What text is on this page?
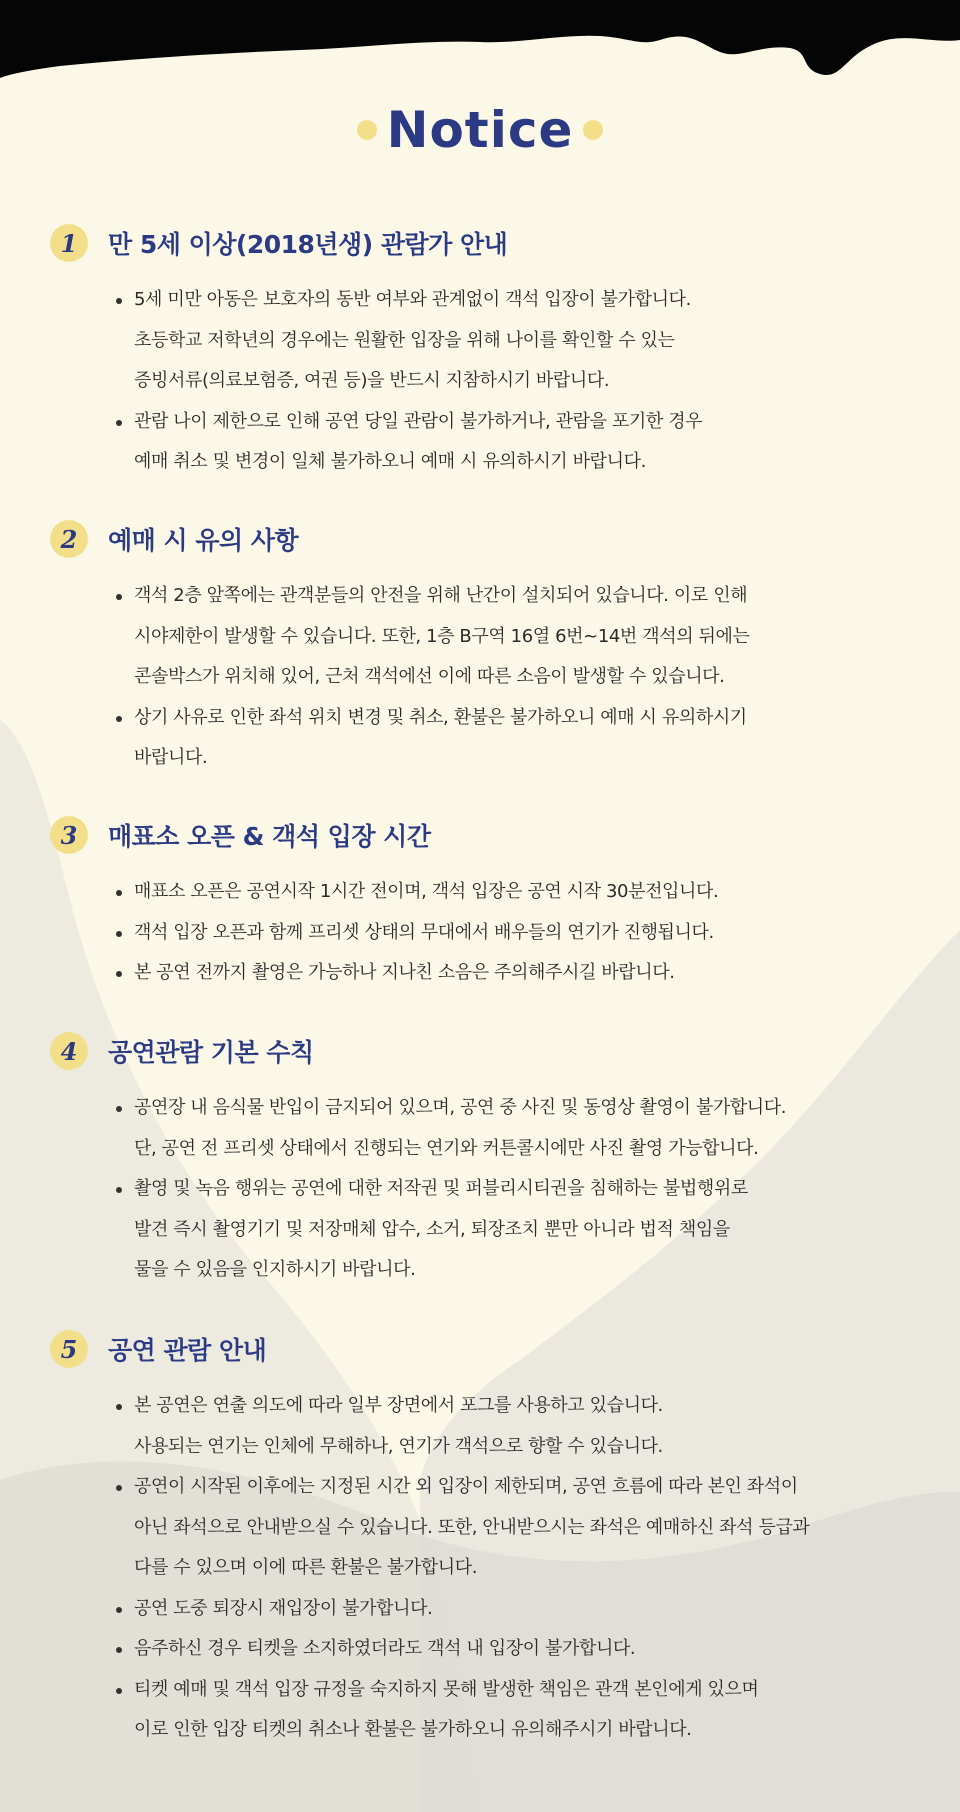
Notice
1	만 5세 이상(2018년생) 관람가 안내
5세 미만 아동은 보호자의 동반 여부와 관계없이 객석 입장이 불가합니다.
초등학교 저학년의 경우에는 원활한 입장을 위해 나이를 확인할 수 있는
증빙서류(의료보험증, 여권 등)을 반드시 지참하시기 바랍니다.
관람 나이 제한으로 인해 공연 당일 관람이 불가하거나, 관람을 포기한 경우
예매 취소 및 변경이 일체 불가하오니 예매 시 유의하시기 바랍니다.
2	예매 시 유의 사항
객석 2층 앞쪽에는 관객분들의 안전을 위해 난간이 설치되어 있습니다. 이로 인해
시야제한이 발생할 수 있습니다. 또한, 1층 B구역 16열 6번~14번 객석의 뒤에는
콘솔박스가 위치해 있어, 근처 객석에선 이에 따른 소음이 발생할 수 있습니다.
상기 사유로 인한 좌석 위치 변경 및 취소, 환불은 불가하오니 예매 시 유의하시기
바랍니다.
3	매표소 오픈 & 객석 입장 시간
매표소 오픈은 공연시작 1시간 전이며, 객석 입장은 공연 시작 30분전입니다.
객석 입장 오픈과 함께 프리셋 상태의 무대에서 배우들의 연기가 진행됩니다.
본 공연 전까지 촬영은 가능하나 지나친 소음은 주의해주시길 바랍니다.
4	공연관람 기본 수칙
공연장 내 음식물 반입이 금지되어 있으며, 공연 중 사진 및 동영상 촬영이 불가합니다.
단, 공연 전 프리셋 상태에서 진행되는 연기와 커튼콜시에만 사진 촬영 가능합니다.
촬영 및 녹음 행위는 공연에 대한 저작권 및 퍼블리시티권을 침해하는 불법행위로
발견 즉시 촬영기기 및 저장매체 압수, 소거, 퇴장조치 뿐만 아니라 법적 책임을
물을 수 있음을 인지하시기 바랍니다.
5	공연 관람 안내
본 공연은 연출 의도에 따라 일부 장면에서 포그를 사용하고 있습니다.
사용되는 연기는 인체에 무해하나, 연기가 객석으로 향할 수 있습니다.
공연이 시작된 이후에는 지정된 시간 외 입장이 제한되며, 공연 흐름에 따라 본인 좌석이
아닌 좌석으로 안내받으실 수 있습니다. 또한, 안내받으시는 좌석은 예매하신 좌석 등급과
다를 수 있으며 이에 따른 환불은 불가합니다.
공연 도중 퇴장시 재입장이 불가합니다.
음주하신 경우 티켓을 소지하였더라도 객석 내 입장이 불가합니다.
티켓 예매 및 객석 입장 규정을 숙지하지 못해 발생한 책임은 관객 본인에게 있으며
이로 인한 입장 티켓의 취소나 환불은 불가하오니 유의해주시기 바랍니다.
